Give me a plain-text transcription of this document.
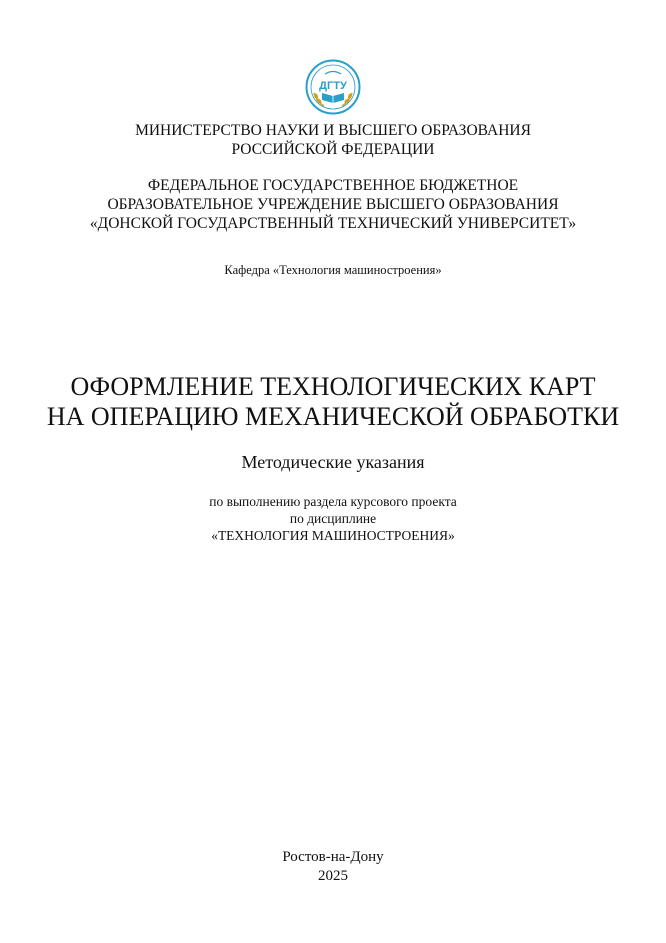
ДГТУ
МИНИСТЕРСТВО НАУКИ И ВЫСШЕГО ОБРАЗОВАНИЯ
РОССИЙСКОЙ ФЕДЕРАЦИИ
ФЕДЕРАЛЬНОЕ ГОСУДАРСТВЕННОЕ БЮДЖЕТНОЕ
ОБРАЗОВАТЕЛЬНОЕ УЧРЕЖДЕНИЕ ВЫСШЕГО ОБРАЗОВАНИЯ
«ДОНСКОЙ ГОСУДАРСТВЕННЫЙ ТЕХНИЧЕСКИЙ УНИВЕРСИТЕТ»
Кафедра «Технология машиностроения»
ОФОРМЛЕНИЕ ТЕХНОЛОГИЧЕСКИХ КАРТ
НА ОПЕРАЦИЮ МЕХАНИЧЕСКОЙ ОБРАБОТКИ
Методические указания
по выполнению раздела курсового проекта
по дисциплине
«ТЕХНОЛОГИЯ МАШИНОСТРОЕНИЯ»
Ростов-на-Дону
2025
